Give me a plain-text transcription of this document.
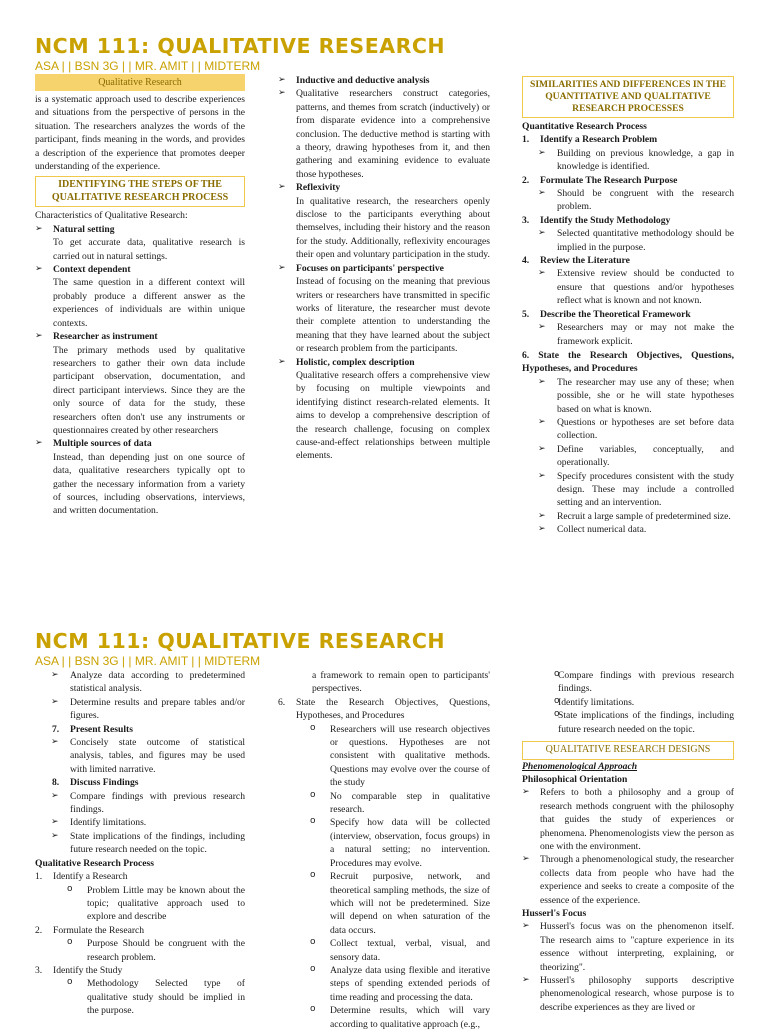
NCM 111: QUALITATIVE RESEARCH
ASA | | BSN 3G | | MR. AMIT | | MIDTERM
Qualitative Research

is a systematic approach used to describe experiences and situations from the perspective of persons in the situation. The researchers analyzes the words of the participant, finds meaning in the words, and provides a description of the experience that promotes deeper understanding of the experience.

IDENTIFYING THE STEPS OF THE QUALITATIVE RESEARCH PROCESS

Characteristics of Qualitative Research:

➢ Natural setting
To get accurate data, qualitative research is carried out in natural settings.
➢ Context dependent
The same question in a different context will probably produce a different answer as the experiences of individuals are within unique contexts.
➢ Researcher as instrument
The primary methods used by qualitative researchers to gather their own data include participant observation, documentation, and direct participant interviews. Since they are the only source of data for the study, these researchers often don't use any instruments or questionnaires created by other researchers
➢ Multiple sources of data
Instead, than depending just on one source of data, qualitative researchers typically opt to gather the necessary information from a variety of sources, including observations, interviews, and written documentation.
➢ Inductive and deductive analysis
➢ Qualitative researchers construct categories, patterns, and themes from scratch (inductively) or from disparate evidence into a comprehensive conclusion. The deductive method is starting with a theory, drawing hypotheses from it, and then gathering and examining evidence to evaluate those hypotheses.
➢ Reflexivity
In qualitative research, the researchers openly disclose to the participants everything about themselves, including their history and the reason for the study. Additionally, reflexivity encourages their open and voluntary participation in the study.
➢ Focuses on participants' perspective
Instead of focusing on the meaning that previous writers or researchers have transmitted in specific works of literature, the researcher must devote their complete attention to understanding the meaning that they have learned about the subject or research problem from the participants.
➢ Holistic, complex description
Qualitative research offers a comprehensive view by focusing on multiple viewpoints and identifying distinct research-related elements. It aims to develop a comprehensive description of the research challenge, focusing on complex cause-and-effect relationships between multiple elements.
SIMILARITIES AND DIFFERENCES IN THE QUANTITATIVE AND QUALITATIVE RESEARCH PROCESSES

Quantitative Research Process

1. Identify a Research Problem
➢ Building on previous knowledge, a gap in knowledge is identified.
2. Formulate The Research Purpose
➢ Should be congruent with the research problem.
3. Identify the Study Methodology
➢ Selected quantitative methodology should be implied in the purpose.
4. Review the Literature
➢ Extensive review should be conducted to ensure that questions and/or hypotheses reflect what is known and not known.
5. Describe the Theoretical Framework
➢ Researchers may or may not make the framework explicit.

6. State the Research Objectives, Questions, Hypotheses, and Procedures

➢ The researcher may use any of these; when possible, she or he will state hypotheses based on what is known.
➢ Questions or hypotheses are set before data collection.
➢ Define variables, conceptually, and operationally.
➢ Specify procedures consistent with the study design. These may include a controlled setting and an intervention.
➢ Recruit a large sample of predetermined size.
➢ Collect numerical data.
NCM 111: QUALITATIVE RESEARCH
ASA | | BSN 3G | | MR. AMIT | | MIDTERM
➢ Analyze data according to predetermined statistical analysis.
➢ Determine results and prepare tables and/or figures.
7. Present Results
➢ Concisely state outcome of statistical analysis, tables, and figures may be used with limited narrative.
8. Discuss Findings
➢ Compare findings with previous research findings.
➢ Identify limitations.
➢ State implications of the findings, including future research needed on the topic.

Qualitative Research Process

1. Identify a Research
o Problem Little may be known about the topic; qualitative approach used to explore and describe
2. Formulate the Research
o Purpose Should be congruent with the research problem.
3. Identify the Study
o Methodology Selected type of qualitative study should be implied in the purpose.

a framework to remain open to participants' perspectives.

6. State the Research Objectives, Questions, Hypotheses, and Procedures
o Researchers will use research objectives or questions. Hypotheses are not consistent with qualitative methods. Questions may evolve over the course of the study
o No comparable step in qualitative research.
o Specify how data will be collected (interview, observation, focus groups) in a natural setting; no intervention. Procedures may evolve.
o Recruit purposive, network, and theoretical sampling methods, the size of which will not be predetermined. Size will depend on when saturation of the data occurs.
o Collect textual, verbal, visual, and sensory data.
o Analyze data using flexible and iterative steps of spending extended periods of time reading and processing the data.
o Determine results, which will vary according to qualitative approach (e.g.,
o Compare findings with previous research findings.
o Identify limitations.
o State implications of the findings, including future research needed on the topic.
QUALITATIVE RESEARCH DESIGNS

Phenomenological Approach

Philosophical Orientation

➢ Refers to both a philosophy and a group of research methods congruent with the philosophy that guides the study of experiences or phenomena. Phenomenologists view the person as one with the environment.
➢ Through a phenomenological study, the researcher collects data from people who have had the experience and seeks to create a composite of the essence of the experience.

Husserl's Focus

➢ Husserl's focus was on the phenomenon itself. The research aims to "capture experience in its essence without interpreting, explaining, or theorizing".
➢ Husserl's philosophy supports descriptive phenomenological research, whose purpose is to describe experiences as they are lived or
